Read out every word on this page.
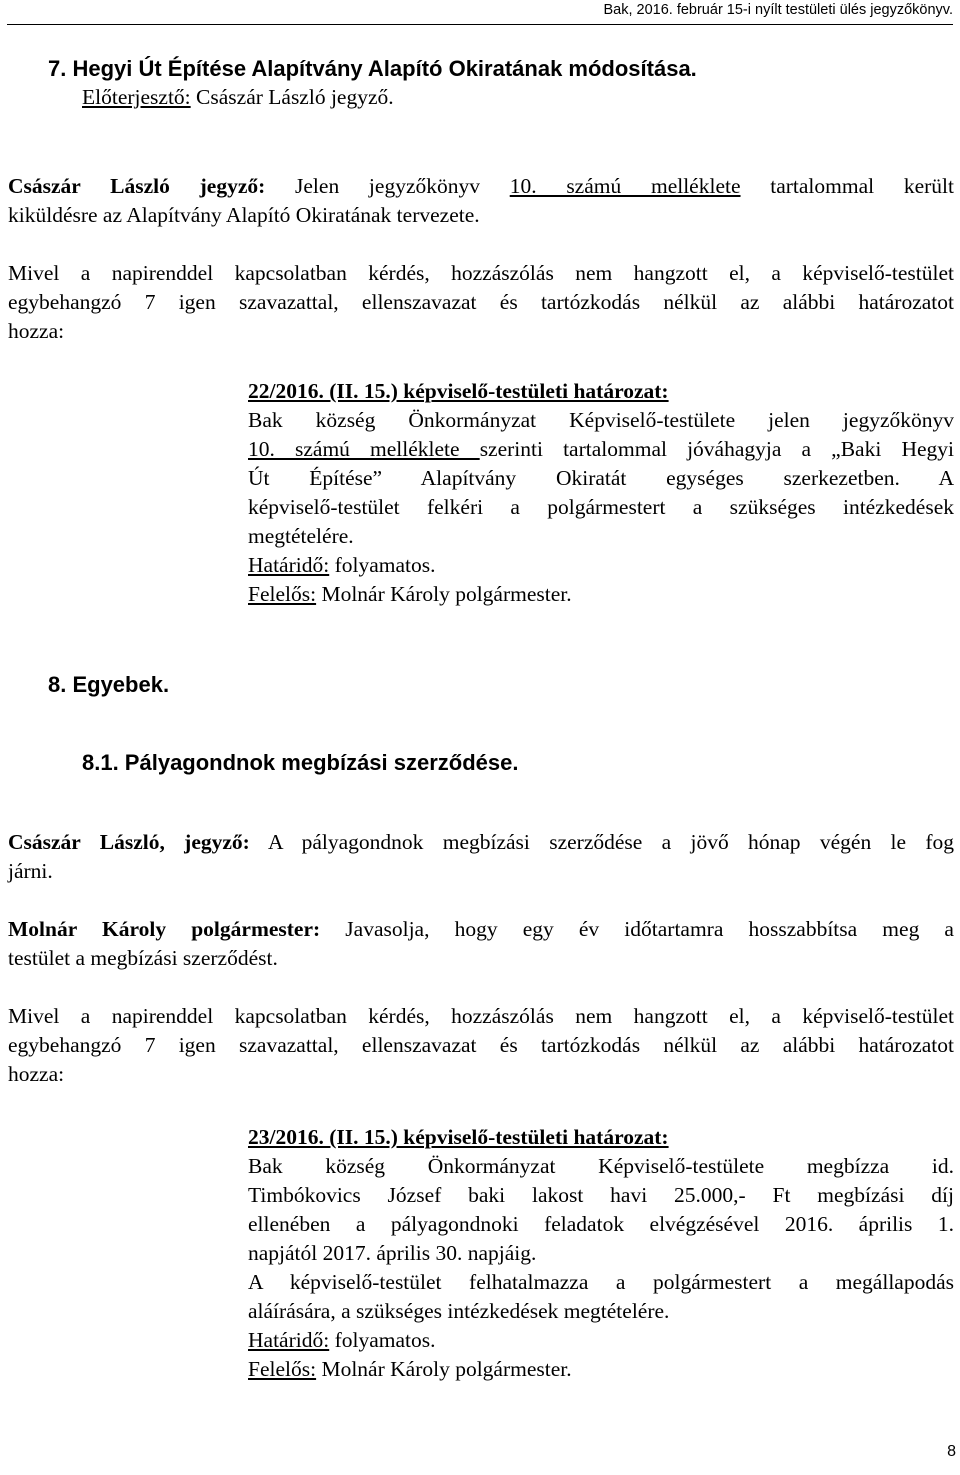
Bak, 2016. február 15-i nyílt testületi ülés jegyzőkönyv.
7. Hegyi Út Építése Alapítvány Alapító Okiratának módosítása.
Előterjesztő: Császár László jegyző.
Császár László jegyző: Jelen jegyzőkönyv 10. számú melléklete tartalommal került
kiküldésre az Alapítvány Alapító Okiratának tervezete.
Mivel a napirenddel kapcsolatban kérdés, hozzászólás nem hangzott el, a képviselő-testület
egybehangzó 7 igen szavazattal, ellenszavazat és tartózkodás nélkül az alábbi határozatot
hozza:
22/2016. (II. 15.) képviselő-testületi határozat:
Bak község Önkormányzat Képviselő-testülete jelen jegyzőkönyv
10. számú melléklete szerinti tartalommal jóváhagyja a „Baki Hegyi
Út Építése” Alapítvány Okiratát egységes szerkezetben. A
képviselő-testület felkéri a polgármestert a szükséges intézkedések
megtételére.
Határidő: folyamatos.
Felelős: Molnár Károly polgármester.
8. Egyebek.
8.1. Pályagondnok megbízási szerződése.
Császár László, jegyző: A pályagondnok megbízási szerződése a jövő hónap végén le fog
járni.
Molnár Károly polgármester: Javasolja, hogy egy év időtartamra hosszabbítsa meg a
testület a megbízási szerződést.
Mivel a napirenddel kapcsolatban kérdés, hozzászólás nem hangzott el, a képviselő-testület
egybehangzó 7 igen szavazattal, ellenszavazat és tartózkodás nélkül az alábbi határozatot
hozza:
23/2016. (II. 15.) képviselő-testületi határozat:
Bak község Önkormányzat Képviselő-testülete megbízza id.
Timbókovics József baki lakost havi 25.000,- Ft megbízási díj
ellenében a pályagondnoki feladatok elvégzésével 2016. április 1.
napjától 2017. április 30. napjáig.
A képviselő-testület felhatalmazza a polgármestert a megállapodás
aláírására, a szükséges intézkedések megtételére.
Határidő: folyamatos.
Felelős: Molnár Károly polgármester.
8
